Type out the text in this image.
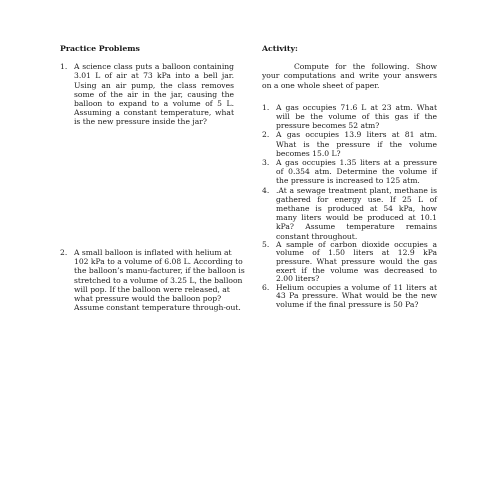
Practice Problems
1. A science class puts a balloon containing 3.01 L of air at 73 kPa into a bell jar. Using an air pump, the class removes some of the air in the jar, causing the balloon to expand to a volume of 5 L. Assuming a constant temperature, what is the new pressure inside the jar?
2. A small balloon is inflated with helium at 102 kPa to a volume of 6.08 L. According to the balloon’s manu-facturer, if the balloon is stretched to a volume of 3.25 L, the balloon will pop. If the balloon were released, at what pressure would the balloon pop? Assume constant temperature through-out.
Activity:
Compute for the following. Show your computations and write your answers on a one whole sheet of paper.
1. A gas occupies 71.6 L at 23 atm. What will be the volume of this gas if the pressure becomes 52 atm?
2. A gas occupies 13.9 liters at 81 atm. What is the pressure if the volume becomes 15.0 L?
3. A gas occupies 1.35 liters at a pressure of 0.354 atm. Determine the volume if the pressure is increased to 125 atm.
4. .At a sewage treatment plant, methane is gathered for energy use. If 25 L of methane is produced at 54 kPa, how many liters would be produced at 10.1 kPa? Assume temperature remains constant throughout.
5. A sample of carbon dioxide occupies a volume of 1.50 liters at 12.9 kPa pressure. What pressure would the gas exert if the volume was decreased to 2.00 liters?
6. Helium occupies a volume of 11 liters at 43 Pa pressure. What would be the new volume if the final pressure is 50 Pa?
